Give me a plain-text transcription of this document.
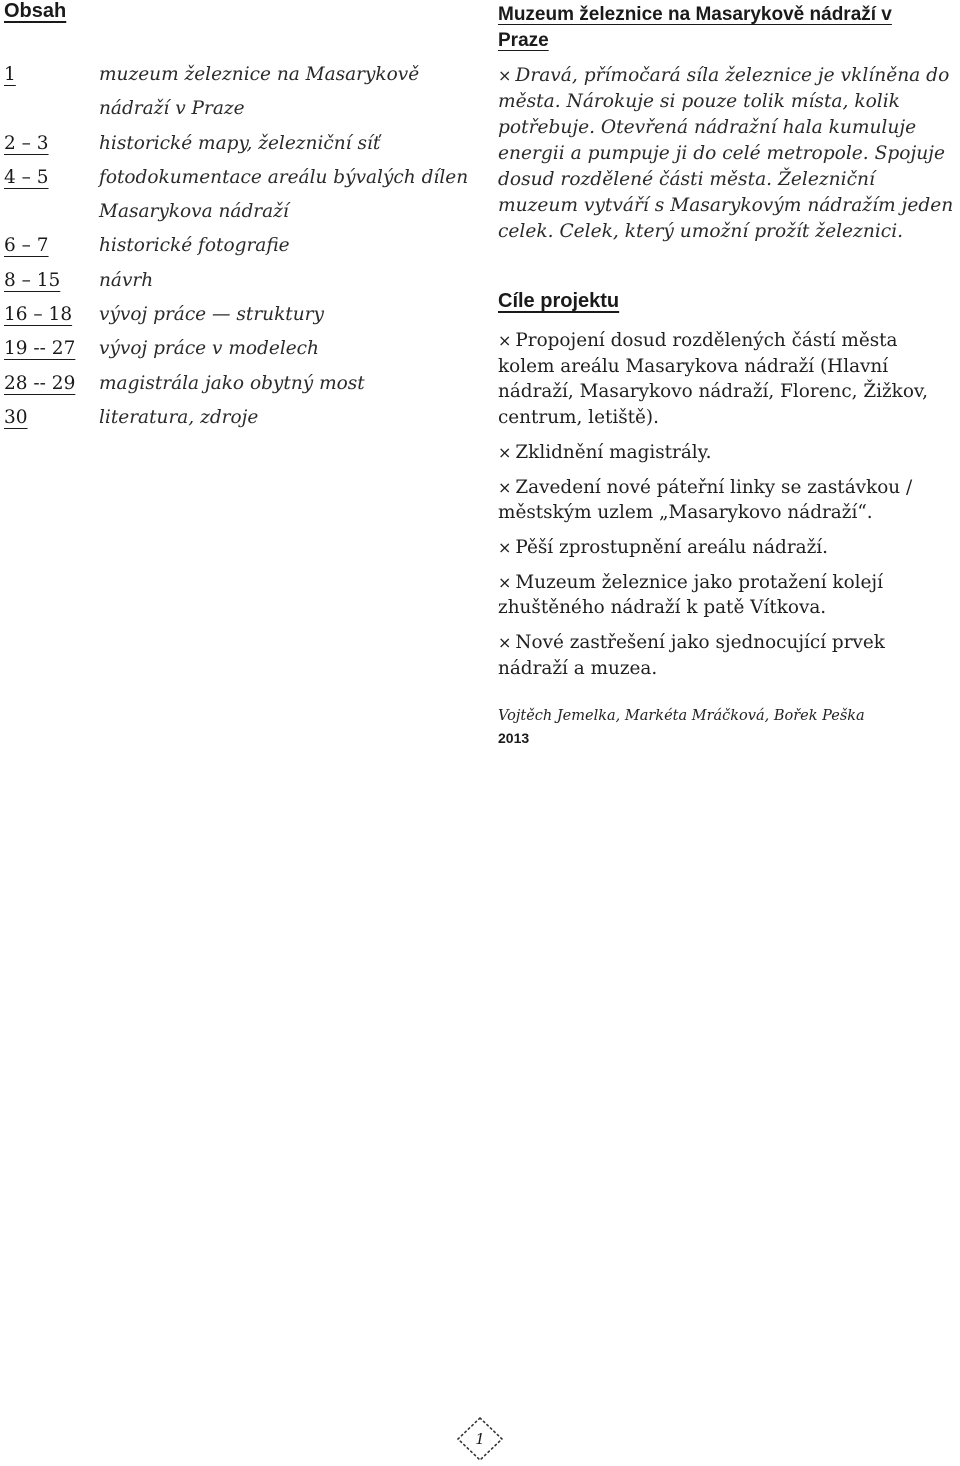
Obsah
1	muzeum železnice na Masarykově nádraží v Praze
2 – 3	historické mapy, železniční síť
4 – 5	fotodokumentace areálu bývalých dílen Masarykova nádraží
6 – 7	historické fotografie
8 – 15 návrh
16 – 18 vývoj práce — struktury
19 -- 27 vývoj práce v modelech
28 -- 29 magistrála jako obytný most
30	literatura, zdroje
Muzeum železnice na Masarykově nádraží v Praze

× Dravá, přímočará síla železnice je vklíněna do města. Nárokuje si pouze tolik místa, kolik potřebuje. Otevřená nádražní hala kumuluje energii a pumpuje ji do celé metropole. Spojuje dosud rozdělené části města. Železniční muzeum vytváří s Masarykovým nádražím jeden celek. Celek, který umožní prožít železnici.

Cíle projektu
× Propojení dosud rozdělených částí města kolem areálu Masarykova nádraží (Hlavní nádraží, Masarykovo nádraží, Florenc, Žižkov, centrum, letiště).
× Zklidnění magistrály.
× Zavedení nové páteřní linky se zastávkou / městským uzlem „Masarykovo nádraží“.
× Pěší zprostupnění areálu nádraží.
× Muzeum železnice jako protažení kolejí zhuštěného nádraží k patě Vítkova.
× Nové zastřešení jako sjednocující prvek nádraží a muzea.
Vojtěch Jemelka, Markéta Mráčková, Bořek Peška
2013
1
